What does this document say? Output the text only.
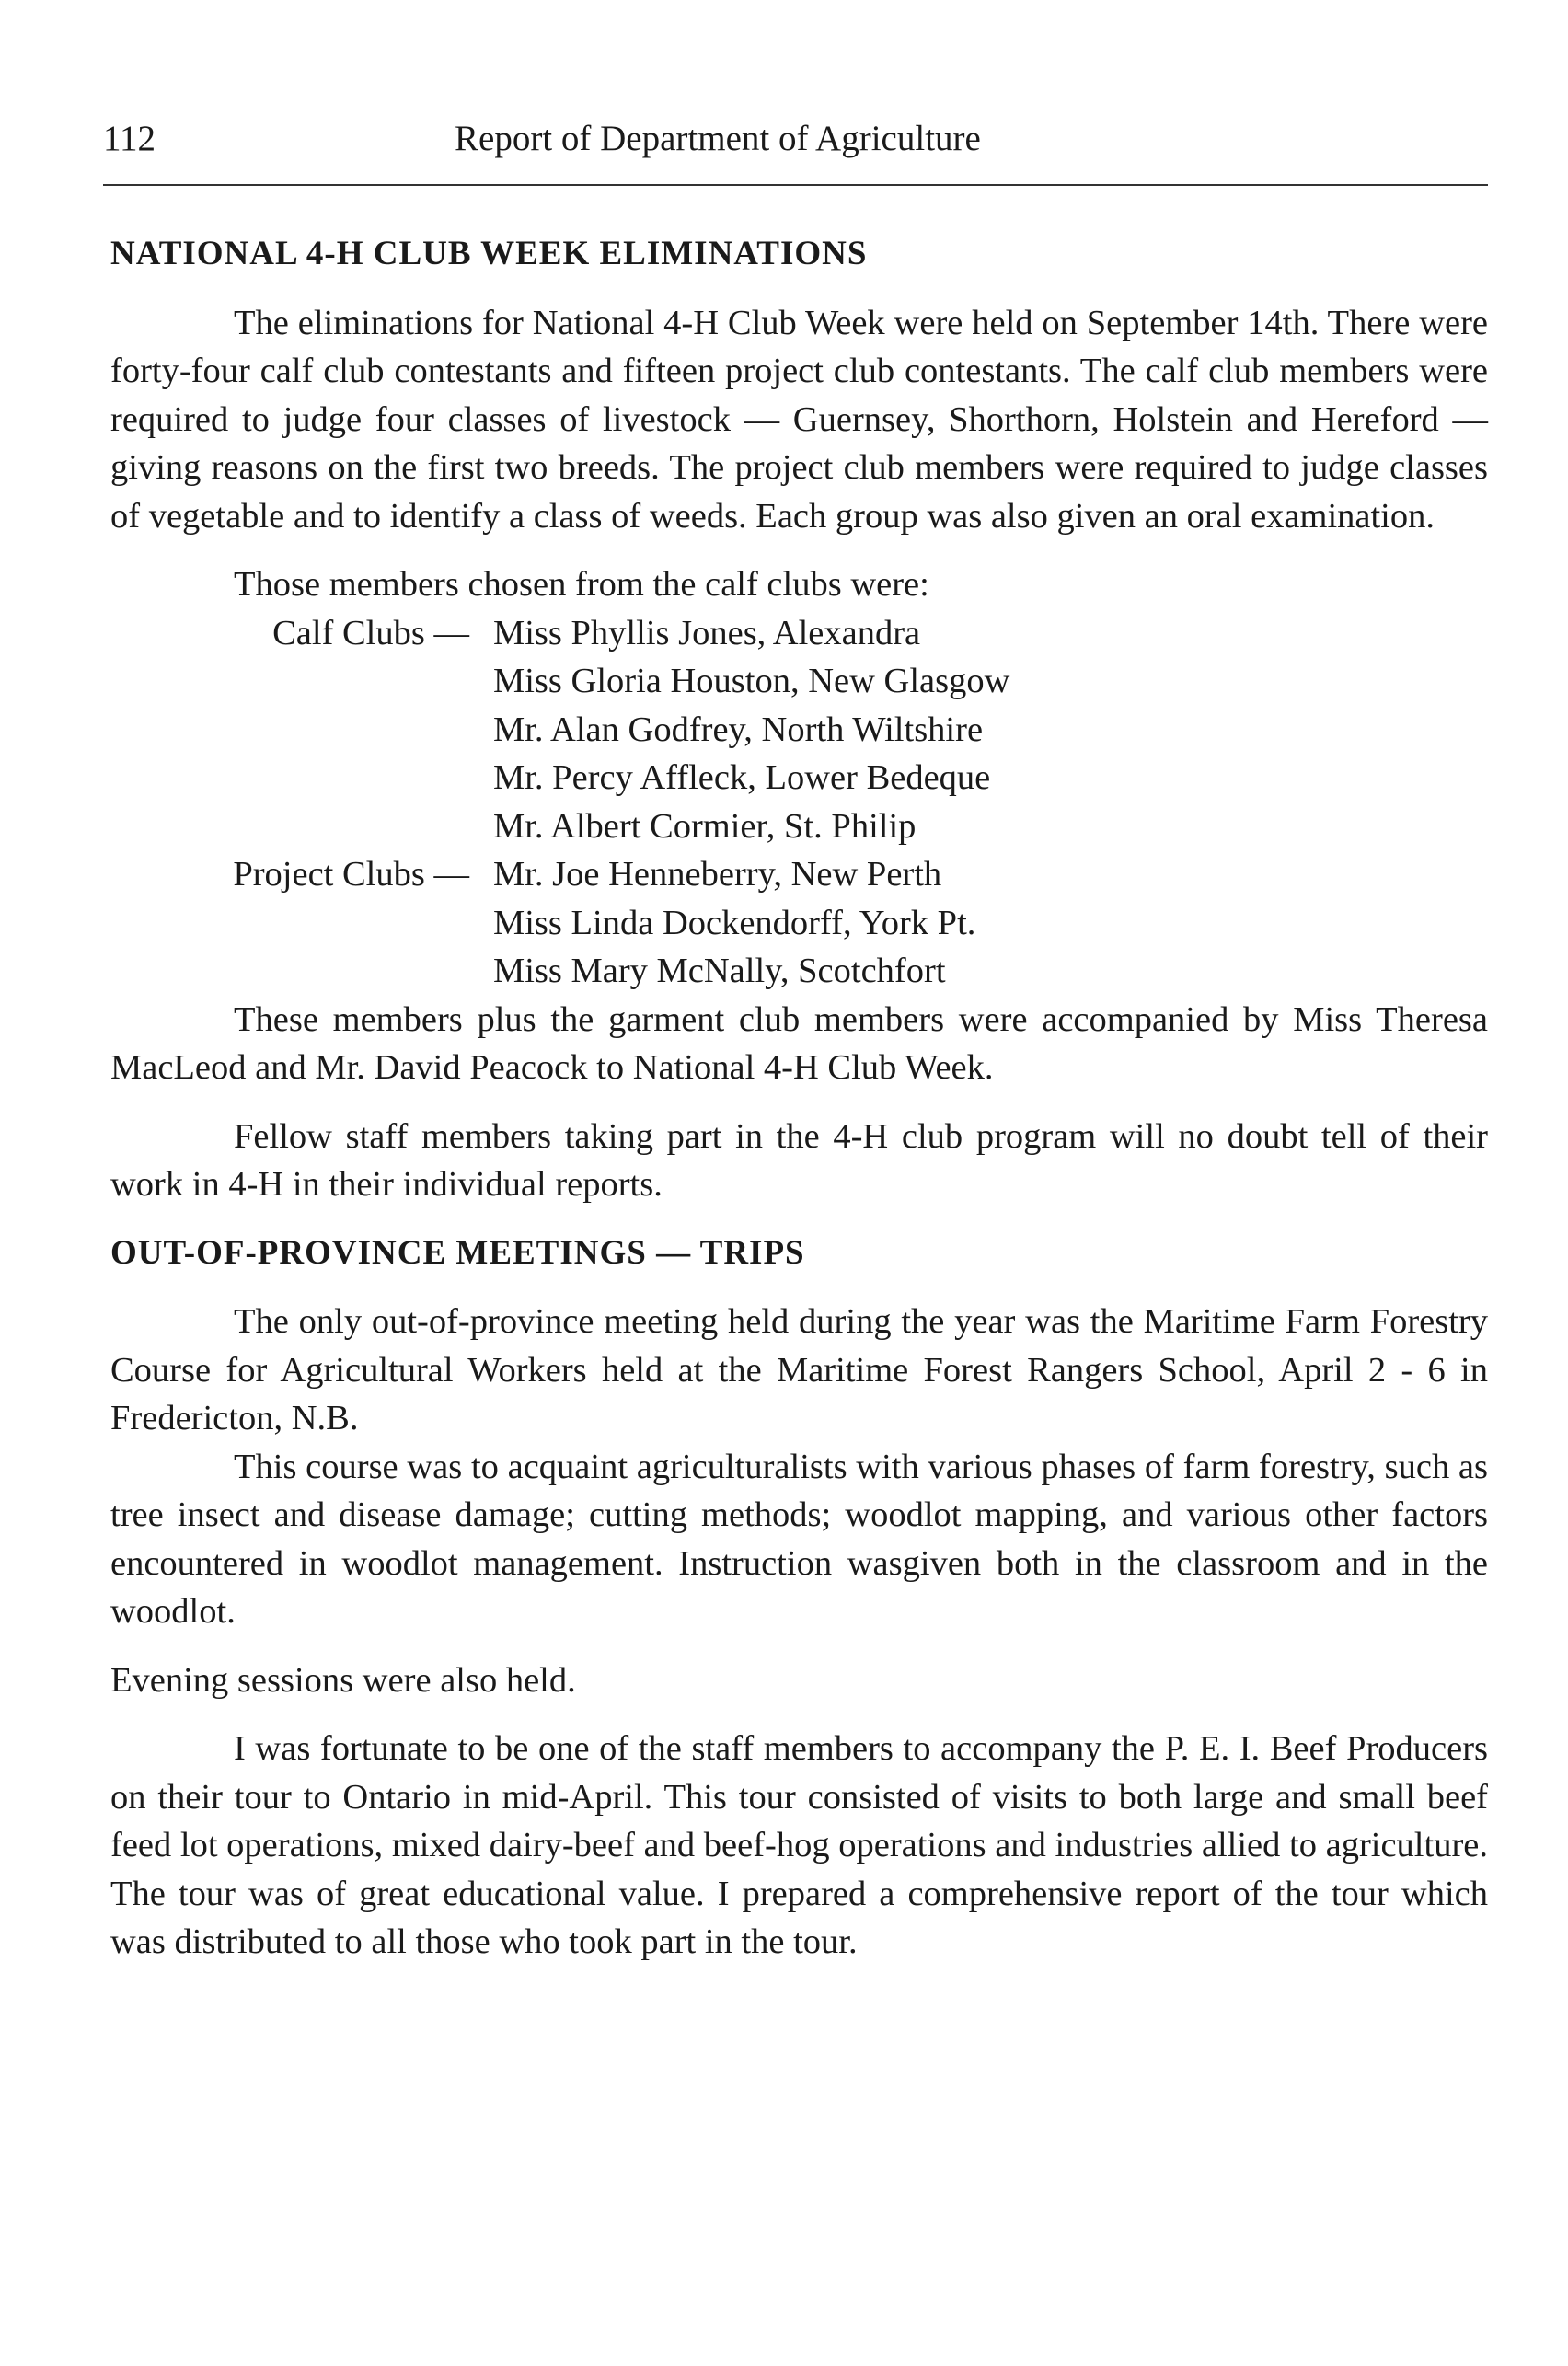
112	Report of Department of Agriculture
NATIONAL 4-H CLUB WEEK ELIMINATIONS

The eliminations for National 4-H Club Week were held on September 14th. There were forty-four calf club contestants and fifteen project club contestants. The calf club members were required to judge four classes of livestock — Guernsey, Shorthorn, Holstein and Hereford — giving reasons on the first two breeds. The project club members were required to judge classes of vegetable and to identify a class of weeds. Each group was also given an oral examination.

Those members chosen from the calf clubs were:

Calf Clubs — Miss Phyllis Jones, Alexandra
Miss Gloria Houston, New Glasgow
Mr. Alan Godfrey, North Wiltshire
Mr. Percy Affleck, Lower Bedeque
Mr. Albert Cormier, St. Philip
Project Clubs — Mr. Joe Henneberry, New Perth
Miss Linda Dockendorff, York Pt.
Miss Mary McNally, Scotchfort

These members plus the garment club members were accompanied by Miss Theresa MacLeod and Mr. David Peacock to National 4-H Club Week.

Fellow staff members taking part in the 4-H club program will no doubt tell of their work in 4-H in their individual reports.

OUT-OF-PROVINCE MEETINGS — TRIPS

The only out-of-province meeting held during the year was the Maritime Farm Forestry Course for Agricultural Workers held at the Maritime Forest Rangers School, April 2 - 6 in Fredericton, N.B.

This course was to acquaint agriculturalists with various phases of farm forestry, such as tree insect and disease damage; cutting methods; woodlot mapping, and various other factors encountered in woodlot management. Instruction wasgiven both in the classroom and in the woodlot.

Evening sessions were also held.

I was fortunate to be one of the staff members to accompany the P. E. I. Beef Producers on their tour to Ontario in mid-April. This tour consisted of visits to both large and small beef feed lot operations, mixed dairy-beef and beef-hog operations and industries allied to agriculture. The tour was of great educational value. I prepared a comprehensive report of the tour which was distributed to all those who took part in the tour.
